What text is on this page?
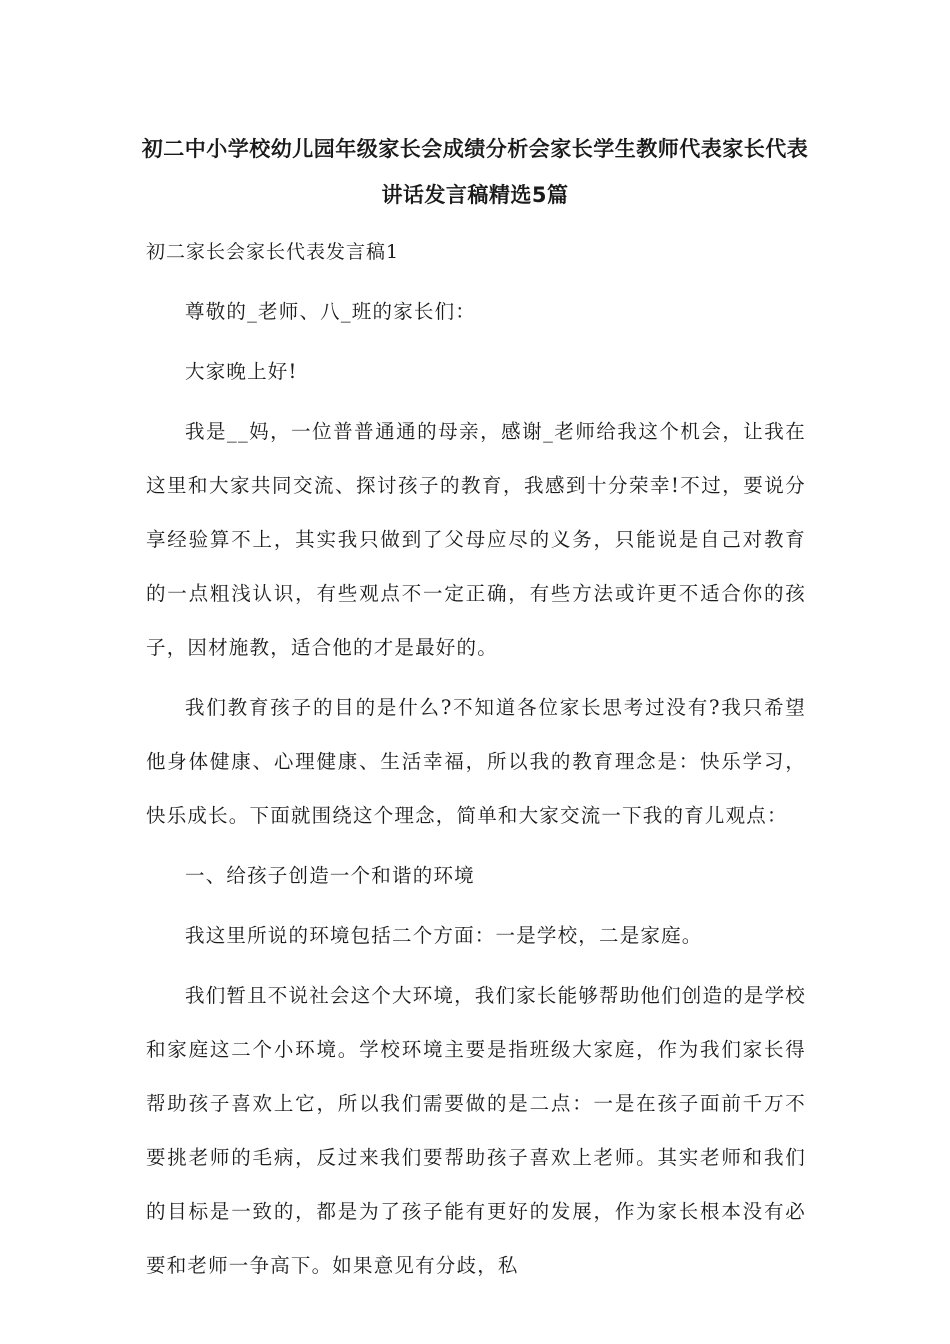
初二中小学校幼儿园年级家长会成绩分析会家长学生教师代表家长代表讲话发言稿精选5篇
初二家长会家长代表发言稿1

尊敬的_老师、八_班的家长们：

大家晚上好!

我是__妈，一位普普通通的母亲，感谢_老师给我这个机会，让我在这里和大家共同交流、探讨孩子的教育，我感到十分荣幸!不过，要说分享经验算不上，其实我只做到了父母应尽的义务，只能说是自己对教育的一点粗浅认识，有些观点不一定正确，有些方法或许更不适合你的孩子，因材施教，适合他的才是最好的。

我们教育孩子的目的是什么?不知道各位家长思考过没有?我只希望他身体健康、心理健康、生活幸福，所以我的教育理念是：快乐学习，快乐成长。下面就围绕这个理念，简单和大家交流一下我的育儿观点：

一、给孩子创造一个和谐的环境

我这里所说的环境包括二个方面：一是学校，二是家庭。

我们暂且不说社会这个大环境，我们家长能够帮助他们创造的是学校和家庭这二个小环境。学校环境主要是指班级大家庭，作为我们家长得帮助孩子喜欢上它，所以我们需要做的是二点：一是在孩子面前千万不要挑老师的毛病，反过来我们要帮助孩子喜欢上老师。其实老师和我们的目标是一致的，都是为了孩子能有更好的发展，作为家长根本没有必要和老师一争高下。如果意见有分歧，私
